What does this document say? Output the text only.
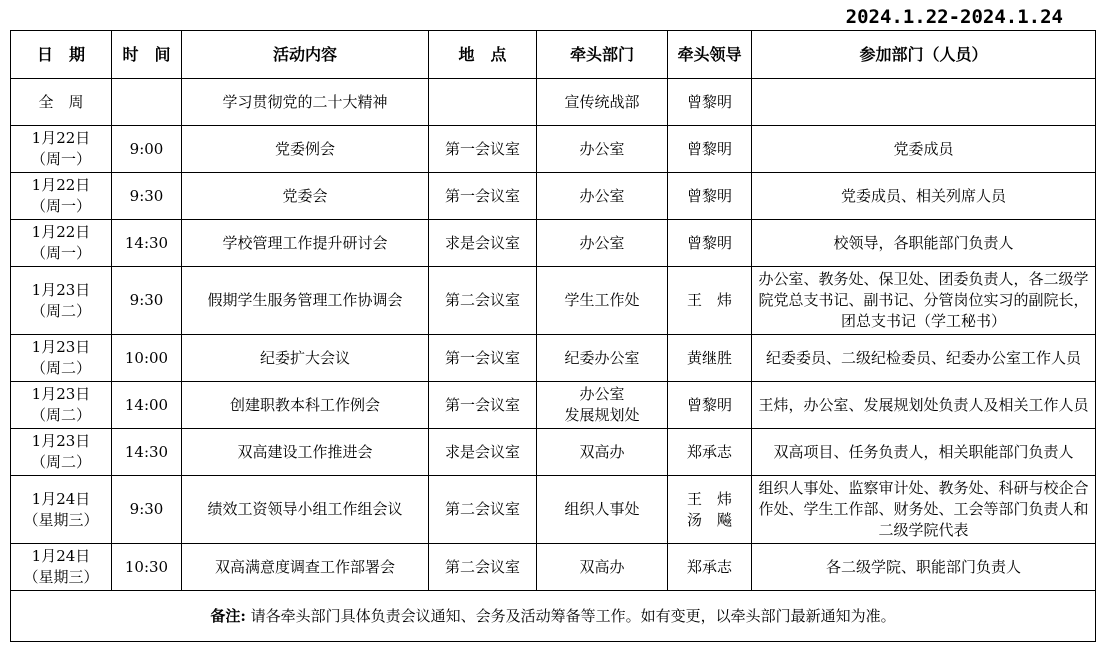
2024.1.22-2024.1.24
日　期	时　间	活动内容	地　点	牵头部门	牵头领导	参加部门（人员）

全　周		学习贯彻党的二十大精神		宣传统战部	曾黎明	

1月22日
（周一）	9:00	党委例会	第一会议室	办公室	曾黎明	党委成员

1月22日
（周一）	9:30	党委会	第一会议室	办公室	曾黎明	党委成员、相关列席人员

1月22日
（周一）	14:30	学校管理工作提升研讨会	求是会议室	办公室	曾黎明	校领导，各职能部门负责人

1月23日
（周二）	9:30	假期学生服务管理工作协调会	第二会议室	学生工作处	王　炜	办公室、教务处、保卫处、团委负责人，各二级学院党总支书记、副书记、分管岗位实习的副院长，团总支书记（学工秘书）

1月23日
（周二）	10:00	纪委扩大会议	第一会议室	纪委办公室	黄继胜	纪委委员、二级纪检委员、纪委办公室工作人员

1月23日
（周二）	14:00	创建职教本科工作例会	第一会议室	办公室
发展规划处	曾黎明	王炜，办公室、发展规划处负责人及相关工作人员

1月23日
（周二）	14:30	双高建设工作推进会	求是会议室	双高办	郑承志	双高项目、任务负责人，相关职能部门负责人

1月24日
（星期三）	9:30	绩效工资领导小组工作组会议	第二会议室	组织人事处	王　炜
汤　飚	组织人事处、监察审计处、教务处、科研与校企合作处、学生工作部、财务处、工会等部门负责人和二级学院代表

1月24日
（星期三）	10:30	双高满意度调查工作部署会	第二会议室	双高办	郑承志	各二级学院、职能部门负责人

备注: 请各牵头部门具体负责会议通知、会务及活动筹备等工作。如有变更，以牵头部门最新通知为准。						
